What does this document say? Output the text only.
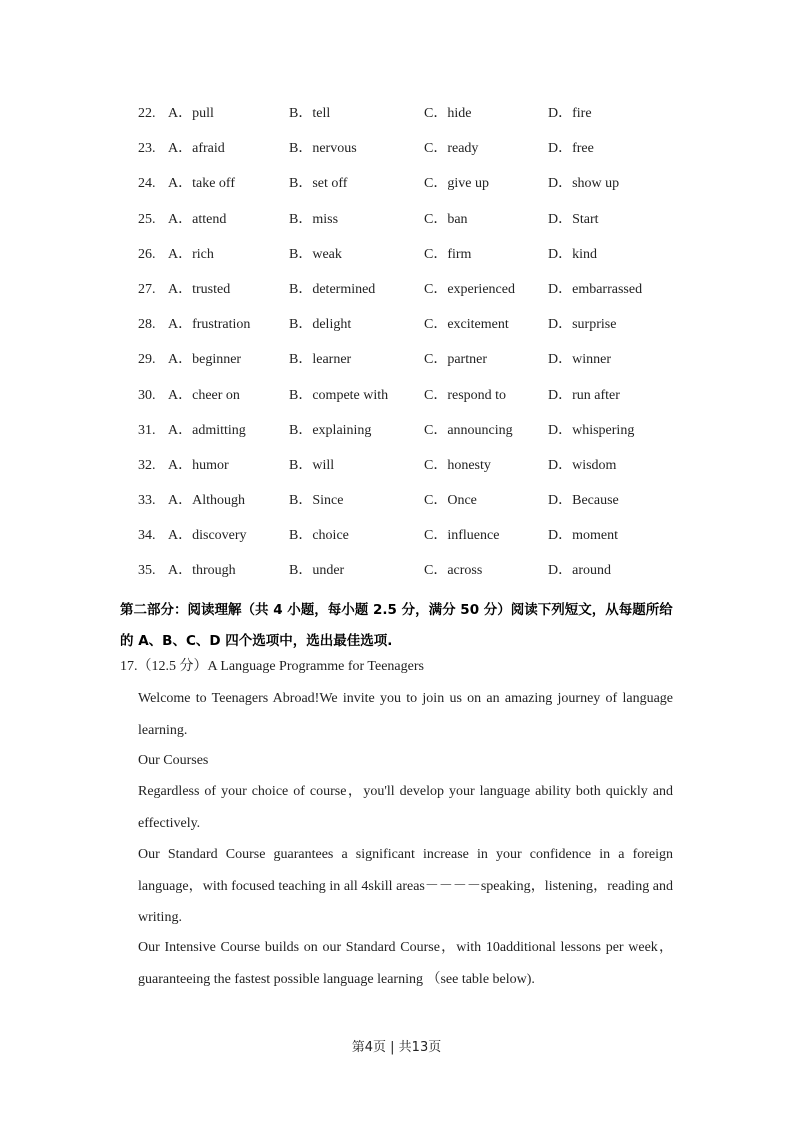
22. A．pull	B．tell	C．hide	D．fire
23. A．afraid	B．nervous	C．ready	D．free
24. A．take off	B．set off	C．give up	D．show up
25. A．attend	B．miss	C．ban	D．Start
26. A．rich	B．weak	C．firm	D．kind
27. A．trusted	B．determined	C．experienced D．embarrassed
28. A．frustration	B．delight	C．excitement	D．surprise
29. A．beginner	B．learner	C．partner	D．winner
30. A．cheer on	B．compete with	C．respond to	D．run after
31. A．admitting	B．explaining	C．announcing	D．whispering
32. A．humor	B．will	C．honesty	D．wisdom
33. A．Although	B．Since	C．Once	D．Because
34. A．discovery	B．choice	C．influence	D．moment
35. A．through	B．under	C．across	D．around
第二部分：阅读理解（共 4 小题，每小题 2.5 分，满分 50 分）阅读下列短文，从每题所给的 A、B、C、D 四个选项中，选出最佳选项.
17.（12.5 分）A Language Programme for Teenagers
Welcome to Teenagers Abroad!We invite you to join us on an amazing journey of language learning.
Our Courses
Regardless of your choice of course，you'll develop your language ability both quickly and effectively.
Our Standard Course guarantees a significant increase in your confidence in a foreign language，with focused teaching in all 4skill areas－－－－speaking，listening，reading and writing.
Our Intensive Course builds on our Standard Course，with 10additional lessons per week，guaranteeing the fastest possible language learning （see table below).
第4页 | 共13页
